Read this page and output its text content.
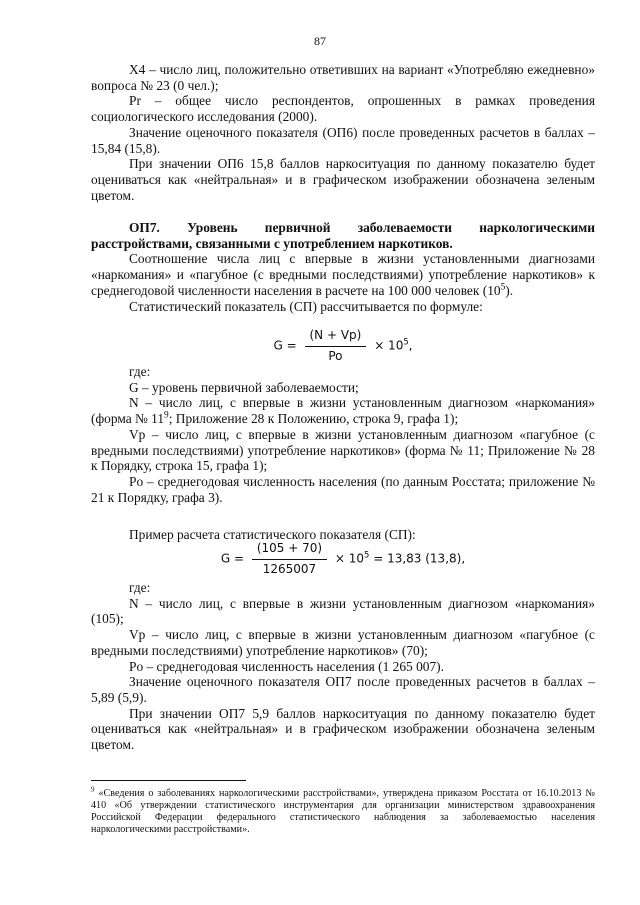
87

X4 – число лиц, положительно ответивших на вариант «Употребляю ежедневно» вопроса № 23 (0 чел.);

Pr – общее число респондентов, опрошенных в рамках проведения социологического исследования (2000).

Значение оценочного показателя (ОП6) после проведенных расчетов в баллах – 15,84 (15,8).

При значении ОП6 15,8 баллов наркоситуация по данному показателю будет оцениваться как «нейтральная» и в графическом изображении обозначена зеленым цветом.

ОП7. Уровень первичной заболеваемости наркологическими расстройствами, связанными с употреблением наркотиков.

Соотношение числа лиц с впервые в жизни установленными диагнозами «наркомания» и «пагубное (с вредными последствиями) употребление наркотиков» к среднегодовой численности населения в расчете на 100 000 человек $(10^5)$.

Статистический показатель (СП) рассчитывается по формуле:

$G = \frac{(N + Vp)}{Po} \times 10^5$,

где:

G – уровень первичной заболеваемости;

N – число лиц, с впервые в жизни установленным диагнозом «наркомания» (форма № $11^9$; Приложение 28 к Положению, строка 9, графа 1);

Vp – число лиц, с впервые в жизни установленным диагнозом «пагубное (с вредными последствиями) употребление наркотиков» (форма № 11; Приложение № 28 к Порядку, строка 15, графа 1);

Po – среднегодовая численность населения (по данным Росстата; приложение № 21 к Порядку, графа 3).

Пример расчета статистического показателя (СП):

$G = \frac{(105 + 70)}{1265007} \times 10^5 = 13,83$ (13,8),

где:

N – число лиц, с впервые в жизни установленным диагнозом «наркомания» (105);

Vp – число лиц, с впервые в жизни установленным диагнозом «пагубное (с вредными последствиями) употребление наркотиков» (70);

Po – среднегодовая численность населения (1 265 007).

Значение оценочного показателя ОП7 после проведенных расчетов в баллах – 5,89 (5,9).

При значении ОП7 5,9 баллов наркоситуация по данному показателю будет оцениваться как «нейтральная» и в графическом изображении обозначена зеленым цветом.

$^9$ «Сведения о заболеваниях наркологическими расстройствами», утвержденa приказом Росстата от 16.10.2013 № 410 «Об утверждении статистического инструментария для организации министерством здравоохранения Российской Федерации федерального статистического наблюдения за заболеваемостью населения наркологическими расстройствами».
